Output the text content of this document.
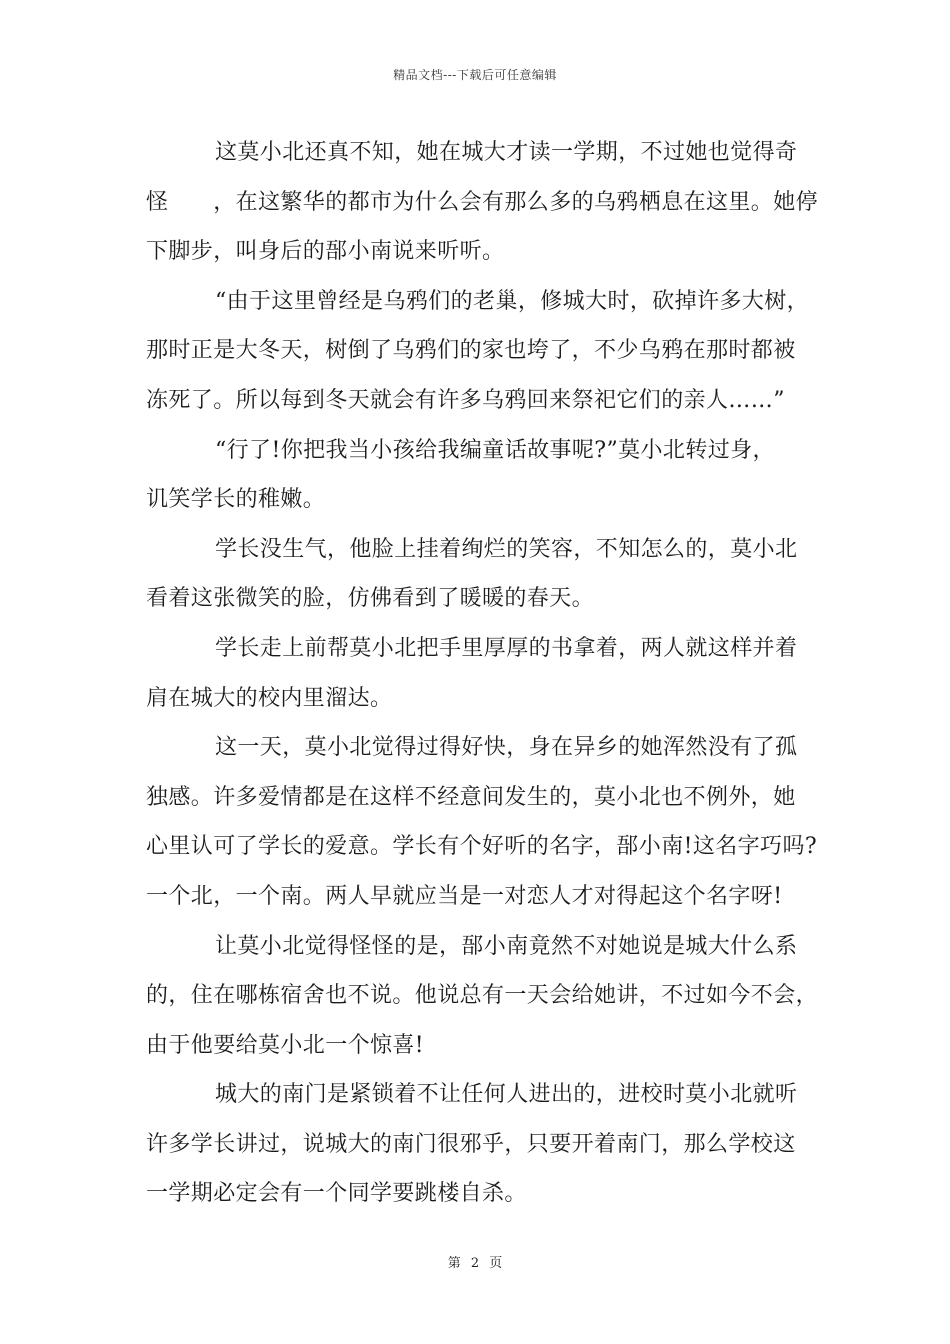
精品文档---下载后可任意编辑
这莫小北还真不知，她在城大才读一学期，不过她也觉得奇
怪　　，在这繁华的都市为什么会有那么多的乌鸦栖息在这里。她停
下脚步，叫身后的郚小南说来听听。
“由于这里曾经是乌鸦们的老巢，修城大时，砍掉许多大树，
那时正是大冬天，树倒了乌鸦们的家也垮了，不少乌鸦在那时都被
冻死了。所以每到冬天就会有许多乌鸦回来祭祀它们的亲人……”
“行了!你把我当小孩给我编童话故事呢?”莫小北转过身，
讥笑学长的稚嫩。
学长没生气，他脸上挂着绚烂的笑容，不知怎么的，莫小北
看着这张微笑的脸，仿佛看到了暖暖的春天。
学长走上前帮莫小北把手里厚厚的书拿着，两人就这样并着
肩在城大的校内里溜达。
这一天，莫小北觉得过得好快，身在异乡的她浑然没有了孤
独感。许多爱情都是在这样不经意间发生的，莫小北也不例外，她
心里认可了学长的爱意。学长有个好听的名字，郚小南!这名字巧吗?
一个北，一个南。两人早就应当是一对恋人才对得起这个名字呀!
让莫小北觉得怪怪的是，郚小南竟然不对她说是城大什么系
的，住在哪栋宿舍也不说。他说总有一天会给她讲，不过如今不会，
由于他要给莫小北一个惊喜!
城大的南门是紧锁着不让任何人进出的，进校时莫小北就听
许多学长讲过，说城大的南门很邪乎，只要开着南门，那么学校这
一学期必定会有一个同学要跳楼自杀。
第 2 页
